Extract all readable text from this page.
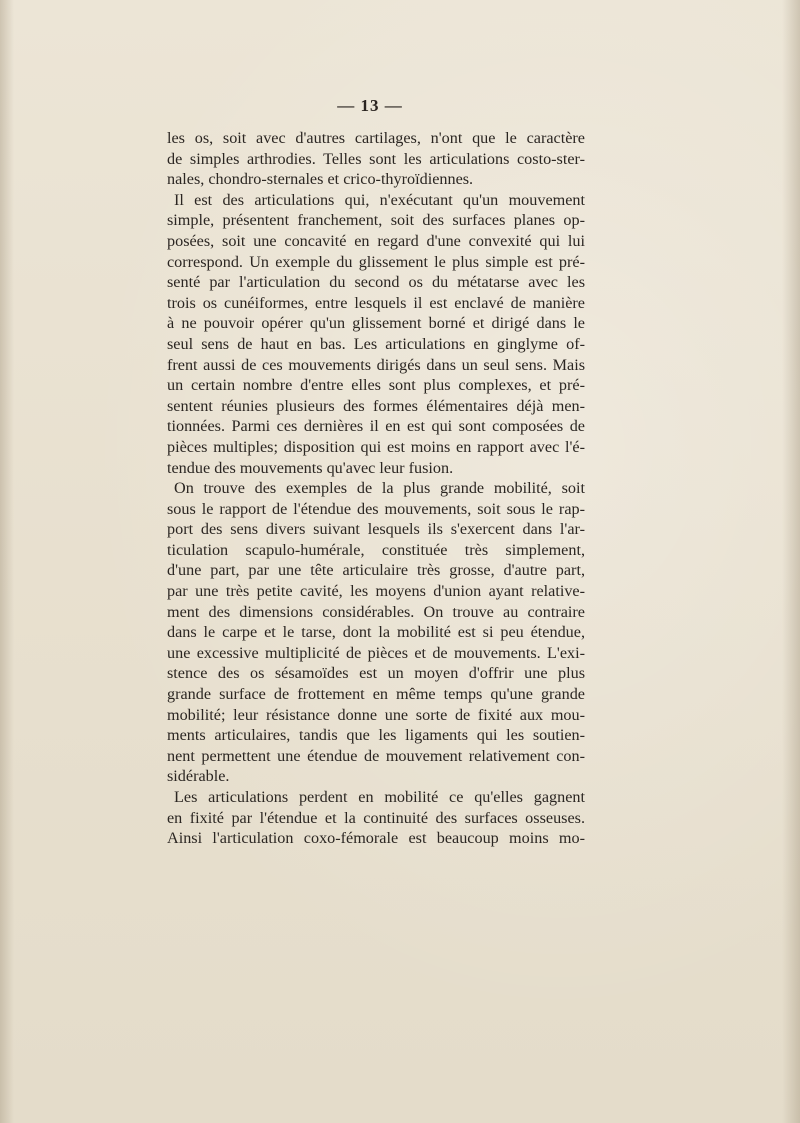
— 13 —
les os, soit avec d'autres cartilages, n'ont que le caractère
de simples arthrodies. Telles sont les articulations costo-ster-
nales, chondro-sternales et crico-thyroïdiennes.
Il est des articulations qui, n'exécutant qu'un mouvement
simple, présentent franchement, soit des surfaces planes op-
posées, soit une concavité en regard d'une convexité qui lui
correspond. Un exemple du glissement le plus simple est pré-
senté par l'articulation du second os du métatarse avec les
trois os cunéiformes, entre lesquels il est enclavé de manière
à ne pouvoir opérer qu'un glissement borné et dirigé dans le
seul sens de haut en bas. Les articulations en ginglyme of-
frent aussi de ces mouvements dirigés dans un seul sens. Mais
un certain nombre d'entre elles sont plus complexes, et pré-
sentent réunies plusieurs des formes élémentaires déjà men-
tionnées. Parmi ces dernières il en est qui sont composées de
pièces multiples; disposition qui est moins en rapport avec l'é-
tendue des mouvements qu'avec leur fusion.
On trouve des exemples de la plus grande mobilité, soit
sous le rapport de l'étendue des mouvements, soit sous le rap-
port des sens divers suivant lesquels ils s'exercent dans l'ar-
ticulation scapulo-humérale, constituée très simplement,
d'une part, par une tête articulaire très grosse, d'autre part,
par une très petite cavité, les moyens d'union ayant relative-
ment des dimensions considérables. On trouve au contraire
dans le carpe et le tarse, dont la mobilité est si peu étendue,
une excessive multiplicité de pièces et de mouvements. L'exi-
stence des os sésamoïdes est un moyen d'offrir une plus
grande surface de frottement en même temps qu'une grande
mobilité; leur résistance donne une sorte de fixité aux mou-
ments articulaires, tandis que les ligaments qui les soutien-
nent permettent une étendue de mouvement relativement con-
sidérable.
Les articulations perdent en mobilité ce qu'elles gagnent
en fixité par l'étendue et la continuité des surfaces osseuses.
Ainsi l'articulation coxo-fémorale est beaucoup moins mo-
